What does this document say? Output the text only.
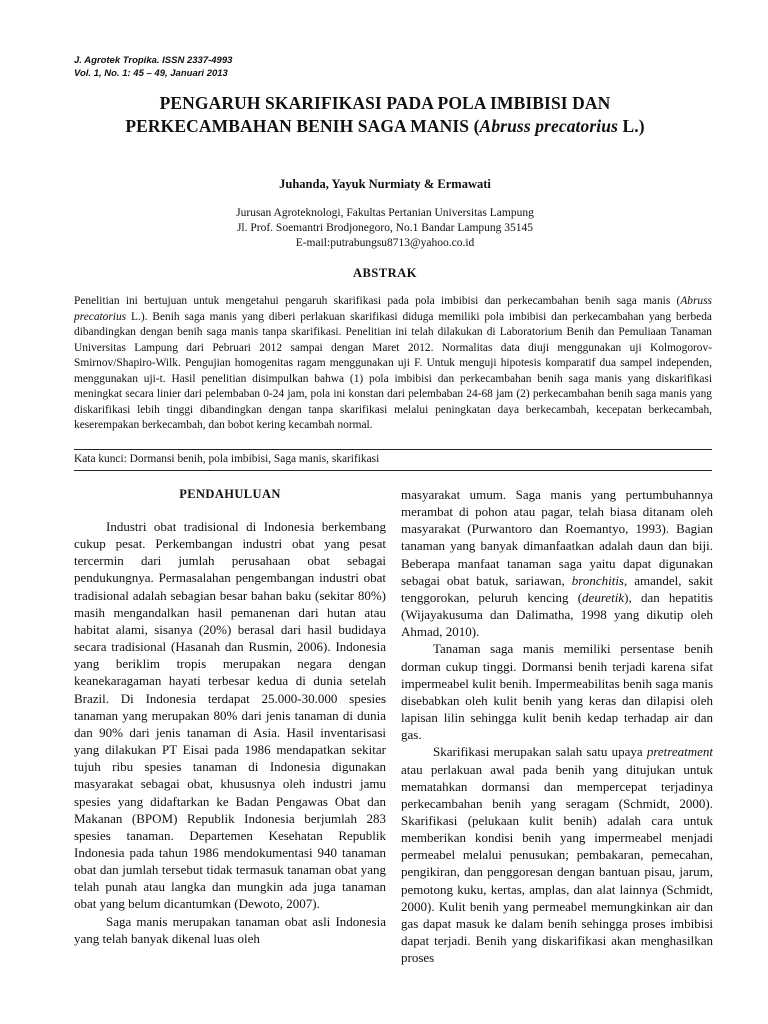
J. Agrotek Tropika. ISSN 2337-4993
Vol. 1, No. 1: 45 – 49, Januari 2013
PENGARUH SKARIFIKASI PADA POLA IMBIBISI DAN
PERKECAMBAHAN BENIH SAGA MANIS (Abruss precatorius L.)
Juhanda, Yayuk Nurmiaty & Ermawati
Jurusan Agroteknologi, Fakultas Pertanian Universitas Lampung
Jl. Prof. Soemantri Brodjonegoro, No.1 Bandar Lampung 35145
E-mail:putrabungsu8713@yahoo.co.id
ABSTRAK
Penelitian ini bertujuan untuk mengetahui pengaruh skarifikasi pada pola imbibisi dan perkecambahan benih saga manis (Abruss precatorius L.). Benih saga manis yang diberi perlakuan skarifikasi diduga memiliki pola imbibisi dan perkecambahan yang berbeda dibandingkan dengan benih saga manis tanpa skarifikasi. Penelitian ini telah dilakukan di Laboratorium Benih dan Pemuliaan Tanaman Universitas Lampung dari Pebruari 2012 sampai dengan Maret 2012. Normalitas data diuji menggunakan uji Kolmogorov-Smirnov/Shapiro-Wilk. Pengujian homogenitas ragam menggunakan uji F. Untuk menguji hipotesis komparatif dua sampel independen, menggunakan uji-t. Hasil penelitian disimpulkan bahwa (1) pola imbibisi dan perkecambahan benih saga manis yang diskarifikasi meningkat secara linier dari pelembaban 0-24 jam, pola ini konstan dari pelembaban 24-68 jam (2) perkecambahan benih saga manis yang diskarifikasi lebih tinggi dibandingkan dengan tanpa skarifikasi melalui peningkatan daya berkecambah, kecepatan berkecambah, keserempakan berkecambah, dan bobot kering kecambah normal.
Kata kunci: Dormansi benih, pola imbibisi, Saga manis, skarifikasi
PENDAHULUAN

Industri obat tradisional di Indonesia berkembang cukup pesat. Perkembangan industri obat yang pesat tercermin dari jumlah perusahaan obat sebagai pendukungnya. Permasalahan pengembangan industri obat tradisional adalah sebagian besar bahan baku (sekitar 80%) masih mengandalkan hasil pemanenan dari hutan atau habitat alami, sisanya (20%) berasal dari hasil budidaya secara tradisional (Hasanah dan Rusmin, 2006). Indonesia yang beriklim tropis merupakan negara dengan keanekaragaman hayati terbesar kedua di dunia setelah Brazil. Di Indonesia terdapat 25.000-30.000 spesies tanaman yang merupakan 80% dari jenis tanaman di dunia dan 90% dari jenis tanaman di Asia. Hasil inventarisasi yang dilakukan PT Eisai pada 1986 mendapatkan sekitar tujuh ribu spesies tanaman di Indonesia digunakan masyarakat sebagai obat, khususnya oleh industri jamu spesies yang didaftarkan ke Badan Pengawas Obat dan Makanan (BPOM) Republik Indonesia berjumlah 283 spesies tanaman. Departemen Kesehatan Republik Indonesia pada tahun 1986 mendokumentasi 940 tanaman obat dan jumlah tersebut tidak termasuk tanaman obat yang telah punah atau langka dan mungkin ada juga tanaman obat yang belum dicantumkan (Dewoto, 2007).

Saga manis merupakan tanaman obat asli Indonesia yang telah banyak dikenal luas oleh

masyarakat umum. Saga manis yang pertumbuhannya merambat di pohon atau pagar, telah biasa ditanam oleh masyarakat (Purwantoro dan Roemantyo, 1993). Bagian tanaman yang banyak dimanfaatkan adalah daun dan biji. Beberapa manfaat tanaman saga yaitu dapat digunakan sebagai obat batuk, sariawan, bronchitis, amandel, sakit tenggorokan, peluruh kencing (deuretik), dan hepatitis (Wijayakusuma dan Dalimatha, 1998 yang dikutip oleh Ahmad, 2010).

Tanaman saga manis memiliki persentase benih dorman cukup tinggi. Dormansi benih terjadi karena sifat impermeabel kulit benih. Impermeabilitas benih saga manis disebabkan oleh kulit benih yang keras dan dilapisi oleh lapisan lilin sehingga kulit benih kedap terhadap air dan gas.

Skarifikasi merupakan salah satu upaya pretreatment atau perlakuan awal pada benih yang ditujukan untuk mematahkan dormansi dan mempercepat terjadinya perkecambahan benih yang seragam (Schmidt, 2000). Skarifikasi (pelukaan kulit benih) adalah cara untuk memberikan kondisi benih yang impermeabel menjadi permeabel melalui penusukan; pembakaran, pemecahan, pengikiran, dan penggoresan dengan bantuan pisau, jarum, pemotong kuku, kertas, amplas, dan alat lainnya (Schmidt, 2000). Kulit benih yang permeabel memungkinkan air dan gas dapat masuk ke dalam benih sehingga proses imbibisi dapat terjadi. Benih yang diskarifikasi akan menghasilkan proses
